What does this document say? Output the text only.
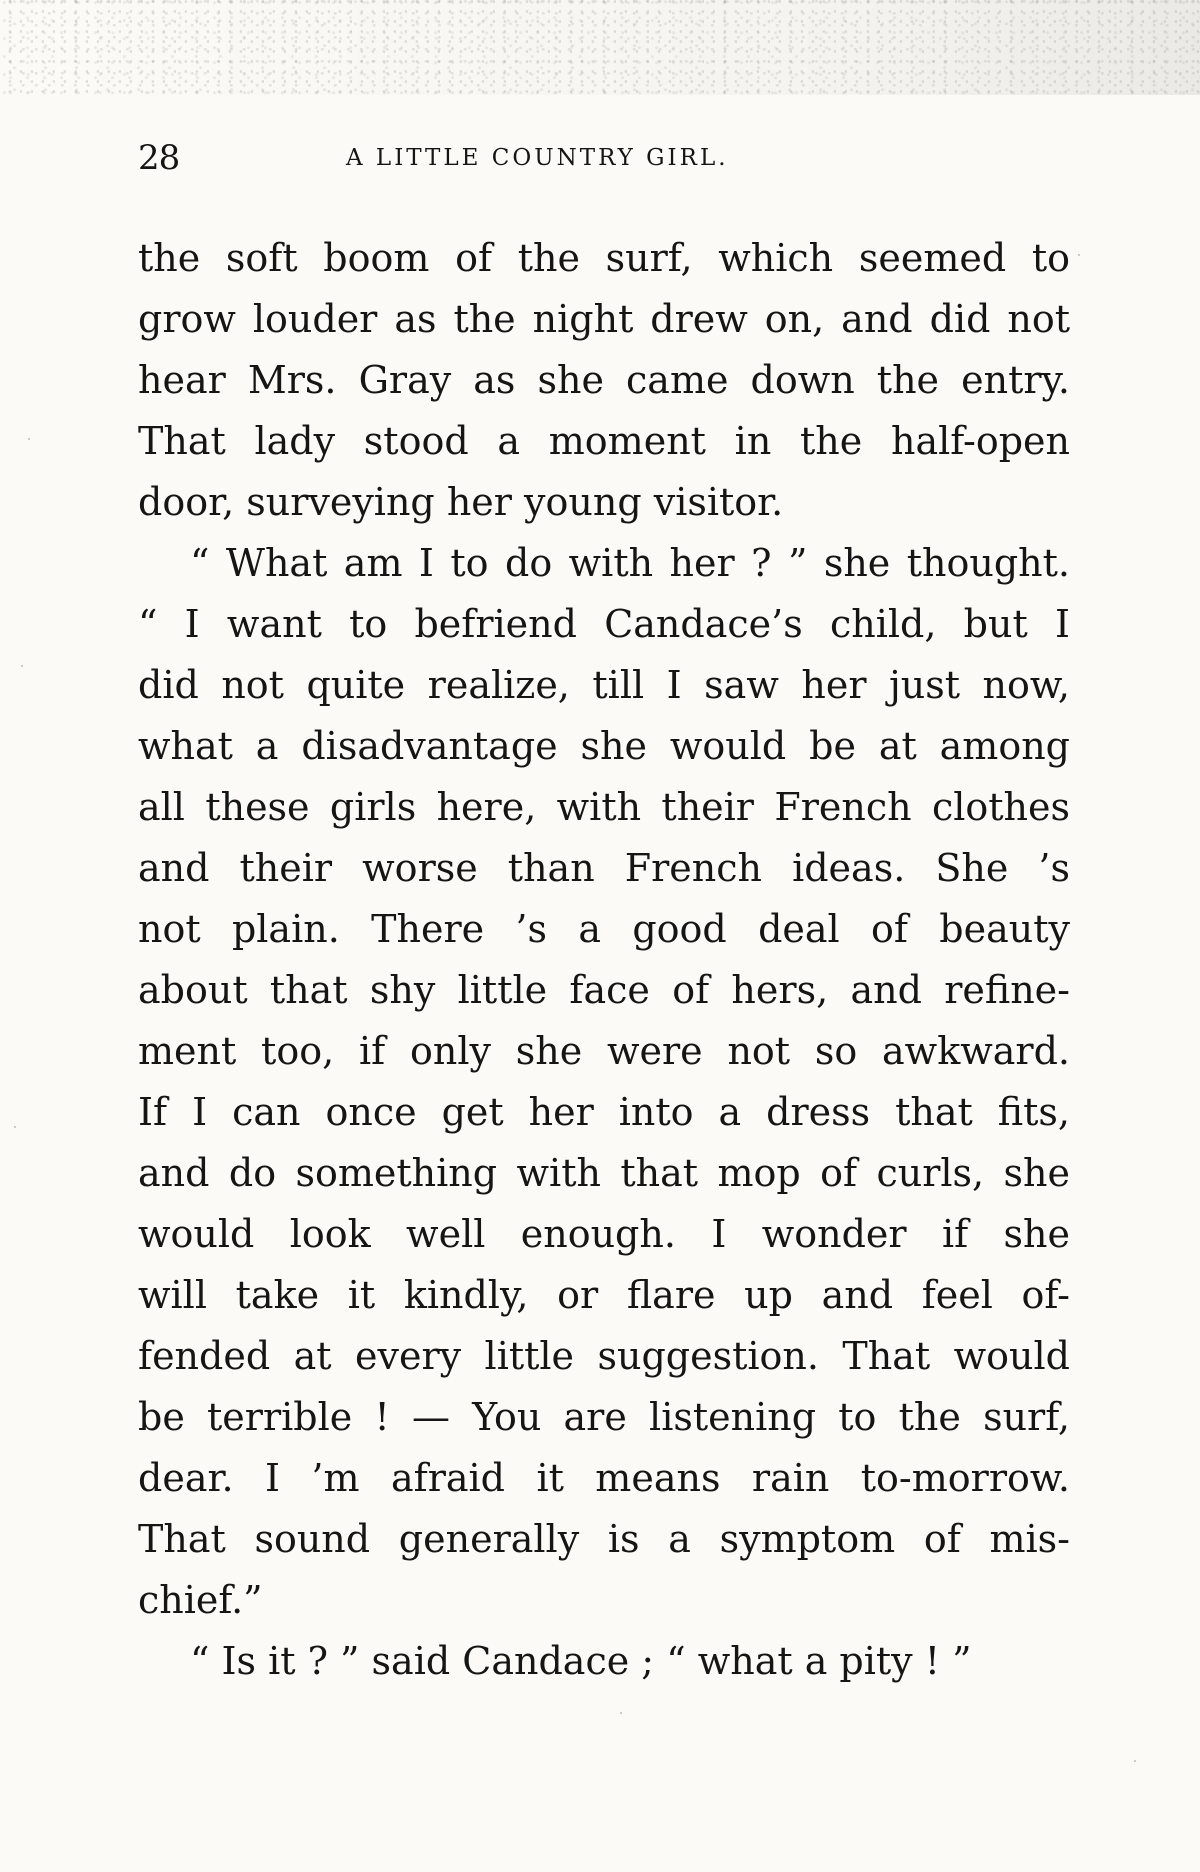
28	A LITTLE COUNTRY GIRL.
the soft boom of the surf, which seemed to
grow louder as the night drew on, and did not
hear Mrs. Gray as she came down the entry.
That lady stood a moment in the half-open
door, surveying her young visitor.
“ What am I to do with her ? ” she thought.
“ I want to befriend Candace’s child, but I
did not quite realize, till I saw her just now,
what a disadvantage she would be at among
all these girls here, with their French clothes
and their worse than French ideas. She ’s
not plain. There ’s a good deal of beauty
about that shy little face of hers, and refine-
ment too, if only she were not so awkward.
If I can once get her into a dress that fits,
and do something with that mop of curls, she
would look well enough. I wonder if she
will take it kindly, or flare up and feel of-
fended at every little suggestion. That would
be terrible ! — You are listening to the surf,
dear. I ’m afraid it means rain to-morrow.
That sound generally is a symptom of mis-
chief.”
“ Is it ? ” said Candace ; “ what a pity ! ”
